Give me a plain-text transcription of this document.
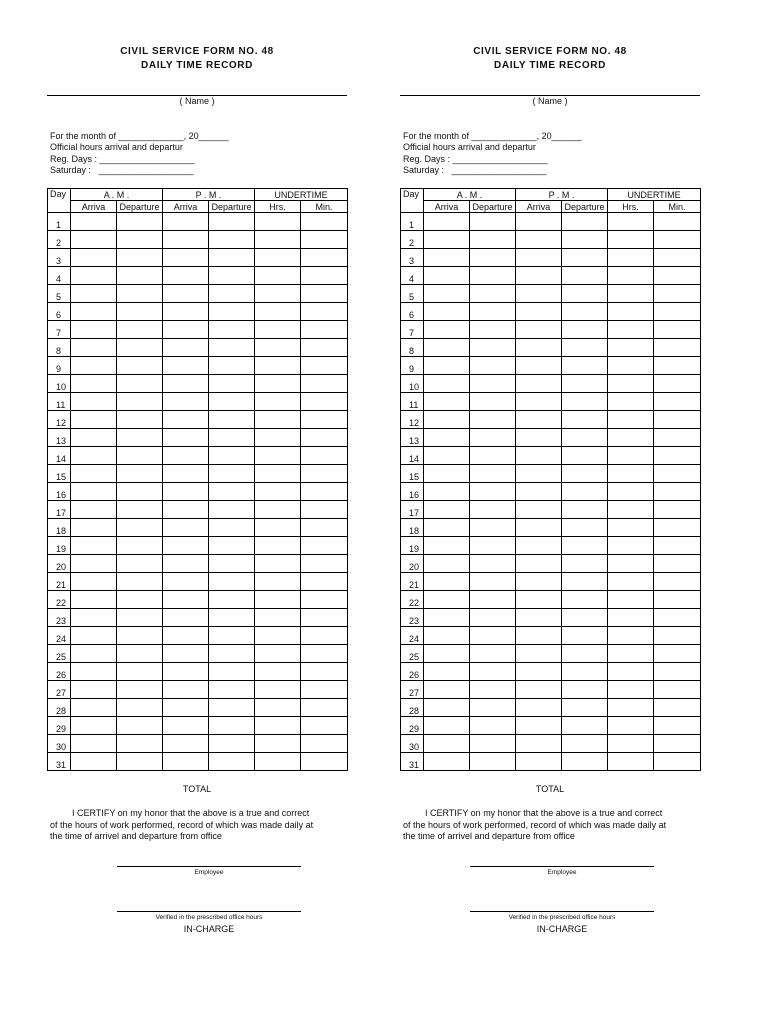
CIVIL SERVICE FORM NO. 48
DAILY TIME RECORD
( Name )
For the month of _____________, 20______
Official hours arrival and departur
Reg. Days : ___________________
Saturday :   ___________________
Day	A . M .		P . M .		UNDERTIME	
	Arriva	Departure	Arriva	Departure	Hrs.	Min.
1						
2						
3						
4						
5						
6						
7						
8						
9						
10						
11						
12						
13						
14						
15						
16						
17						
18						
19						
20						
21						
22						
23						
24						
25						
26						
27						
28						
29						
30						
31						
TOTAL
I CERTIFY on my honor that the above is a true and correct
of the hours of work performed, record of which was made daily at
the time of arrivel and departure from office
Employee
Verified in the prescribed office hours
IN-CHARGE
CIVIL SERVICE FORM NO. 48
DAILY TIME RECORD
( Name )
For the month of _____________, 20______
Official hours arrival and departur
Reg. Days : ___________________
Saturday :   ___________________
Day	A . M .		P . M .		UNDERTIME	
	Arriva	Departure	Arriva	Departure	Hrs.	Min.
1						
2						
3						
4						
5						
6						
7						
8						
9						
10						
11						
12						
13						
14						
15						
16						
17						
18						
19						
20						
21						
22						
23						
24						
25						
26						
27						
28						
29						
30						
31						
TOTAL
I CERTIFY on my honor that the above is a true and correct
of the hours of work performed, record of which was made daily at
the time of arrivel and departure from office
Employee
Verified in the prescribed office hours
IN-CHARGE
